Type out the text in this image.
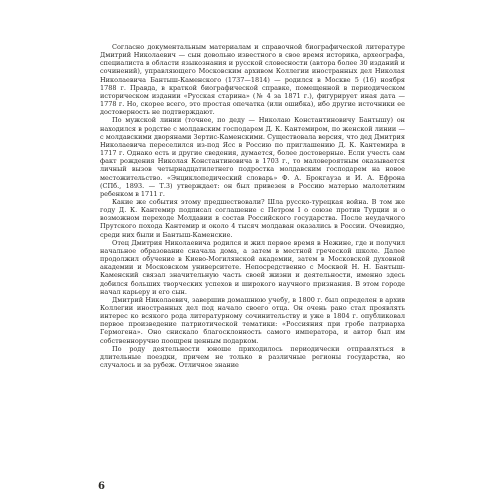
Согласно документальным материалам и справочной биографической литературе Дмитрий Николаевич — сын довольно известного в свое время историка, археографа, специалиста в области языкознания и русской словесности (автора более 30 изданий и сочинений), управляющего Московским архивом Коллегии иностранных дел Николая Николаевича Бантыш-Каменского (1737—1814) — родился в Москве 5 (16) ноября 1788 г. Правда, в краткой биографической справке, помещенной в периодическом историческом издании «Русская старина» (№ 4 за 1871 г.), фигурирует иная дата — 1778 г. Но, скорее всего, это простая опечатка (или ошибка), ибо другие источники ее достоверность не подтверждают.

По мужской линии (точнее, по деду — Николаю Константиновичу Бантышу) он находился в родстве с молдавским господарем Д. К. Кантемиром, по женской линии — с молдавскими дворянами Зертис-Каменскими. Существовала версия, что дед Дмитрия Николаевича переселился из-под Ясс в Россию по приглашению Д. К. Кантемира в 1717 г. Однако есть и другие сведения, думается, более достоверные. Если учесть сам факт рождения Николая Константиновича в 1703 г., то маловероятным оказывается личный вызов четырнадцатилетнего подростка молдавским господарем на новое местожительство. «Энциклопедический словарь» Ф. А. Брокгауза и И. А. Ефрона (СПб., 1893. — Т.3) утверждает: он был привезен в Россию матерью малолетним ребенком в 1711 г.

Какие же события этому предшествовали? Шла русско-турецкая война. В том же году Д. К. Кантемир подписал соглашение с Петром I о союзе против Турции и о возможном переходе Молдавии в состав Российского государства. После неудачного Прутского похода Кантемир и около 4 тысяч молдаван оказались в России. Очевидно, среди них были и Бантыш-Каменские.

Отец Дмитрия Николаевича родился и жил первое время в Нежине, где и получил начальное образование сначала дома, а затем в местной греческой школе. Далее продолжил обучение в Киево-Могилянской академии, затем в Московской духовной академии и Московском университете. Непосредственно с Москвой Н. Н. Бантыш-Каменский связал значительную часть своей жизни и деятельности, именно здесь добился больших творческих успехов и широкого научного признания. В этом городе начал карьеру и его сын.

Дмитрий Николаевич, завершив домашнюю учебу, в 1800 г. был определен в архив Коллегии иностранных дел под начало своего отца. Он очень рано стал проявлять интерес ко всякого рода литературному сочинительству и уже в 1804 г. опубликовал первое произведение патриотической тематики: «Россияния при гробе патриарха Гермогена». Оно снискало благосклонность самого императора, и автор был им собственноручно поощрен ценным подарком.

По роду деятельности юноше приходилось периодически отправляться в длительные поездки, причем не только в различные регионы государства, но случалось и за рубеж. Отличное знание

6
